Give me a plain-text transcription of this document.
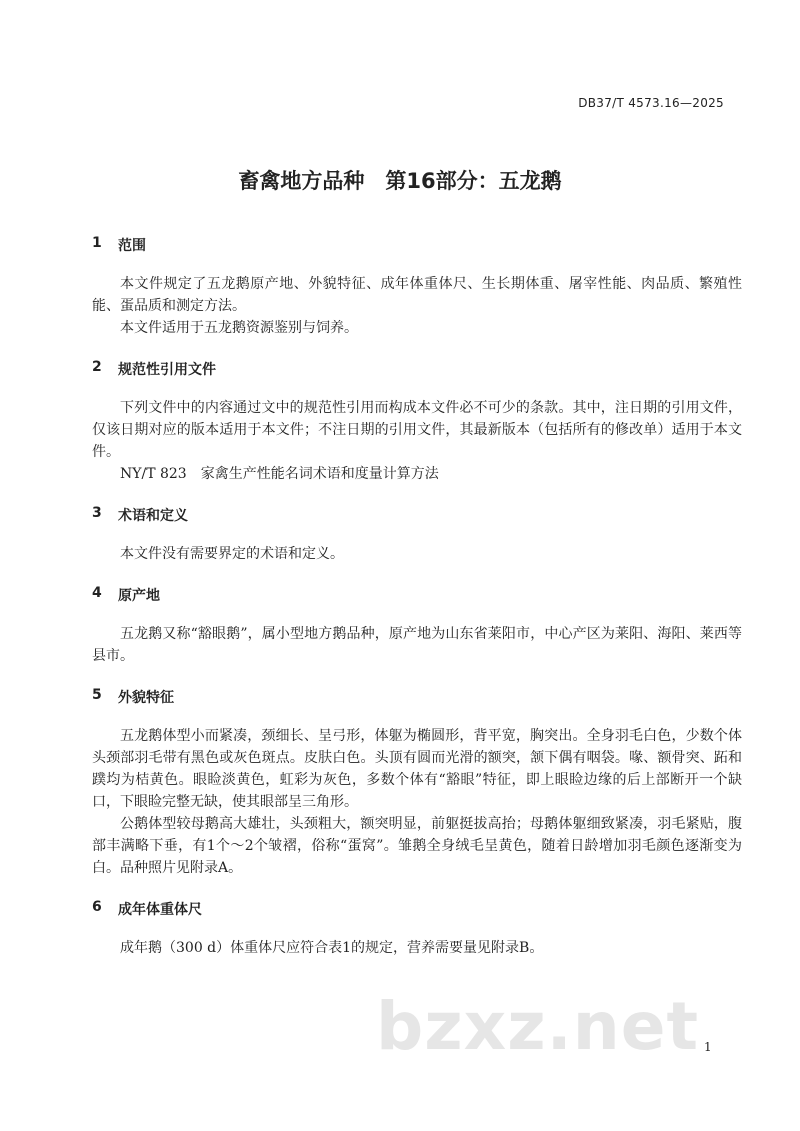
DB37/T 4573.16—2025
畜禽地方品种　第16部分：五龙鹅
1	范围

本文件规定了五龙鹅原产地、外貌特征、成年体重体尺、生长期体重、屠宰性能、肉品质、繁殖性能、蛋品质和测定方法。

本文件适用于五龙鹅资源鉴别与饲养。

2	规范性引用文件

下列文件中的内容通过文中的规范性引用而构成本文件必不可少的条款。其中，注日期的引用文件，仅该日期对应的版本适用于本文件；不注日期的引用文件，其最新版本（包括所有的修改单）适用于本文件。

NY/T 823　家禽生产性能名词术语和度量计算方法

3	术语和定义

本文件没有需要界定的术语和定义。

4	原产地

五龙鹅又称“豁眼鹅”，属小型地方鹅品种，原产地为山东省莱阳市，中心产区为莱阳、海阳、莱西等县市。

5	外貌特征

五龙鹅体型小而紧凑，颈细长、呈弓形，体躯为椭圆形，背平宽，胸突出。全身羽毛白色，少数个体头颈部羽毛带有黑色或灰色斑点。皮肤白色。头顶有圆而光滑的额突，颔下偶有咽袋。喙、额骨突、跖和蹼均为桔黄色。眼睑淡黄色，虹彩为灰色，多数个体有“豁眼”特征，即上眼睑边缘的后上部断开一个缺口，下眼睑完整无缺，使其眼部呈三角形。

公鹅体型较母鹅高大雄壮，头颈粗大，额突明显，前躯挺拔高抬；母鹅体躯细致紧凑，羽毛紧贴，腹部丰满略下垂，有1个～2个皱褶，俗称“蛋窝”。雏鹅全身绒毛呈黄色，随着日龄增加羽毛颜色逐渐变为白。品种照片见附录A。

6	成年体重体尺

成年鹅（300 d）体重体尺应符合表1的规定，营养需要量见附录B。

bzxz.net 1
